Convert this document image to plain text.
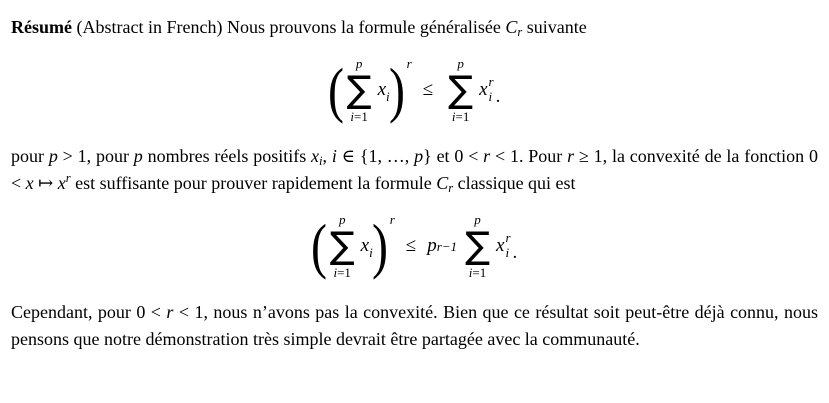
Résumé (Abstract in French) Nous prouvons la formule généralisée Cr suivante

( p
∑
i=1
x i
) r
≤
p
∑
i=1
x r
i .

pour p > 1, pour p nombres réels positifs xi, i ∈ {1, …, p} et 0 < r < 1. Pour r ≥ 1, la convexité de la fonction 0 < x ↦ $x^r$ est suffisante pour prouver rapidement la formule Cr classique qui est

( p
∑
i=1
x i
) r
≤ p r−1
p
∑
i=1
x r
i .

Cependant, pour 0 < r < 1, nous n’avons pas la convexité. Bien que ce résultat soit peut-être déjà connu, nous pensons que notre démonstration très simple devrait être partagée avec la communauté.
